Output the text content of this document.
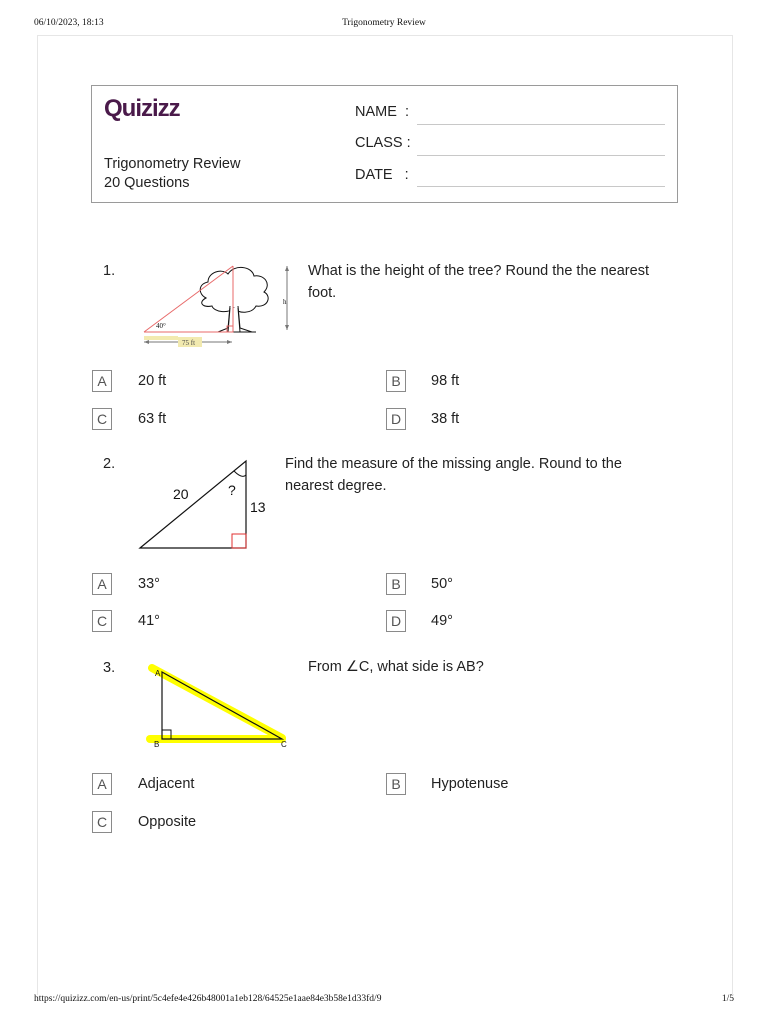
06/10/2023, 18:13	Trigonometry Review
https://quizizz.com/en-us/print/5c4efe4e426b48001a1eb128/64525e1aae84e3b58e1d33fd/9	1/5
Quizizz
Trigonometry Review
20 Questions
NAME  :
CLASS :
DATE   :
1.
40°
75 ft
h
What is the height of the tree? Round the the nearest foot.
A	20 ft	B	98 ft
C	63 ft	D	38 ft
2.
?
20
13
Find the measure of the missing angle. Round to the nearest degree.
A	33°	B	50°
C	41°	D	49°
3.	A
B	C
From ∠C, what side is AB?
A	Adjacent	B	Hypotenuse
C	Opposite
